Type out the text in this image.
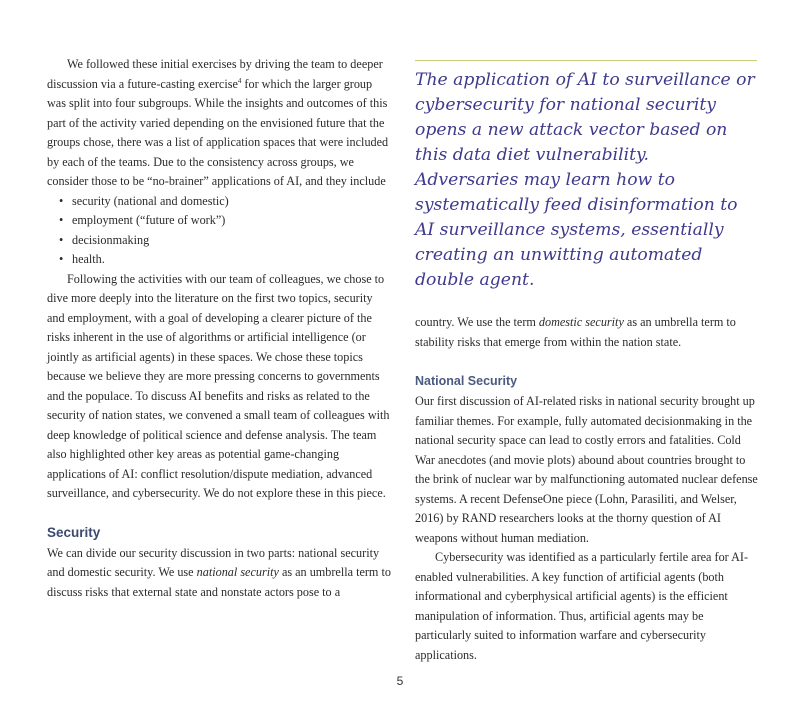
We followed these initial exercises by driving the team to deeper discussion via a future-casting exercise$^4$ for which the larger group was split into four subgroups. While the insights and outcomes of this part of the activity varied depending on the envisioned future that the groups chose, there was a list of application spaces that were included by each of the teams. Due to the consistency across groups, we consider those to be “no-brainer” applications of AI, and they include

• security (national and domestic)
• employment (“future of work”)
• decisionmaking
• health.

Following the activities with our team of colleagues, we chose to dive more deeply into the literature on the first two topics, security and employment, with a goal of developing a clearer picture of the risks inherent in the use of algorithms or artificial intelligence (or jointly as artificial agents) in these spaces. We chose these topics because we believe they are more pressing concerns to governments and the populace. To discuss AI benefits and risks as related to the security of nation states, we convened a small team of colleagues with deep knowledge of political science and defense analysis. The team also highlighted other key areas as potential game-changing applications of AI: conflict resolution/dispute mediation, advanced surveillance, and cybersecurity. We do not explore these in this piece.

Security

We can divide our security discussion in two parts: national security and domestic security. We use national security as an umbrella term to discuss risks that external state and nonstate actors pose to a

The application of AI to surveillance or cybersecurity for national security opens a new attack vector based on this data diet vulnerability. Adversaries may learn how to systematically feed disinformation to AI surveillance systems, essentially creating an unwitting automated double agent.

country. We use the term domestic security as an umbrella term to stability risks that emerge from within the nation state.

National Security

Our first discussion of AI-related risks in national security brought up familiar themes. For example, fully automated decisionmaking in the national security space can lead to costly errors and fatalities. Cold War anecdotes (and movie plots) abound about countries brought to the brink of nuclear war by malfunctioning automated nuclear defense systems. A recent DefenseOne piece (Lohn, Parasiliti, and Welser, 2016) by RAND researchers looks at the thorny question of AI weapons without human mediation.

Cybersecurity was identified as a particularly fertile area for AI-enabled vulnerabilities. A key function of artificial agents (both informational and cyberphysical artificial agents) is the efficient manipulation of information. Thus, artificial agents may be particularly suited to information warfare and cybersecurity applications.

5
